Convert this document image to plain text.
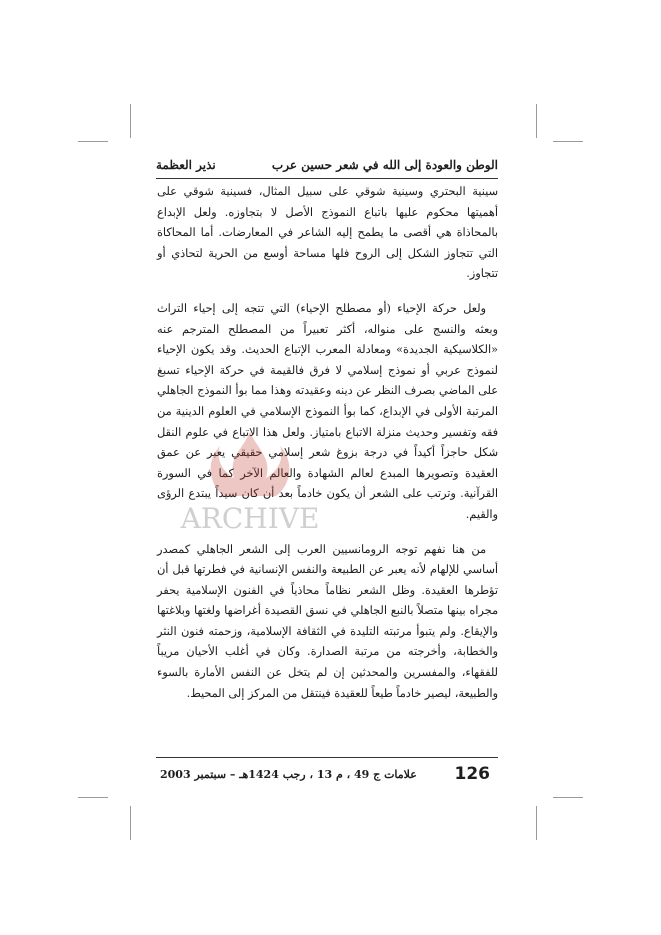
الوطن والعودة إلى الله في شعر حسين عرب
نذير العظمة

سينية البحتري وسينية شوقي على سبيل المثال، فسينية شوقي على أهميتها محكوم عليها باتباع النموذج الأصل لا بتجاوزه. ولعل الإبداع بالمحاذاة هي أقصى ما يطمح إليه الشاعر في المعارضات. أما المحاكاة التي تتجاوز الشكل إلى الروح فلها مساحة أوسع من الحرية لتحاذي أو تتجاوز.

ولعل حركة الإحياء (أو مصطلح الإحياء) التي تتجه إلى إحياء التراث وبعثه والنسج على منواله، أكثر تعبيراً من المصطلح المترجم عنه «الكلاسيكية الجديدة» ومعادلة المعرب الإتباع الحديث. وقد يكون الإحياء لنموذج عربي أو نموذج إسلامي لا فرق فالقيمة في حركة الإحياء تسبغ على الماضي بصرف النظر عن دينه وعقيدته وهذا مما بوأ النموذج الجاهلي المرتبة الأولى في الإبداع، كما بوأ النموذج الإسلامي في العلوم الدينية من فقه وتفسير وحديث منزلة الاتباع بامتياز. ولعل هذا الاتباع في علوم النقل شكل حاجزاً أكيداً في درجة بزوغ شعر إسلامي حقيقي يعبر عن عمق العقيدة وتصويرها المبدع لعالم الشهادة والعالم الآخر كما في السورة القرآنية. وترتب على الشعر أن يكون خادماً بعد أن كان سيداً يبتدع الرؤى والقيم.

من هنا نفهم توجه الرومانسيين العرب إلى الشعر الجاهلي كمصدر أساسي للإلهام لأنه يعبر عن الطبيعة والنفس الإنسانية في فطرتها قبل أن تؤطرها العقيدة. وظل الشعر نظاماً محاذياً في الفنون الإسلامية يحفر مجراه بينها متصلاً بالنبع الجاهلي في نسق القصيدة أغراضها ولغتها وبلاغتها والإيقاع. ولم يتبوأ مرتبته التليدة في الثقافة الإسلامية، وزحمته فنون النثر والخطابة، وأخرجته من مرتبة الصدارة. وكان في أغلب الأحيان مريباً للفقهاء، والمفسرين والمحدثين إن لم يتخل عن النفس الأمارة بالسوء والطبيعة، ليصير خادماً طيعاً للعقيدة فينتقل من المركز إلى المحيط.

ARCHIVE
126
علامات ج 49 ، م 13 ، رجب 1424هـ – سبتمبر 2003
